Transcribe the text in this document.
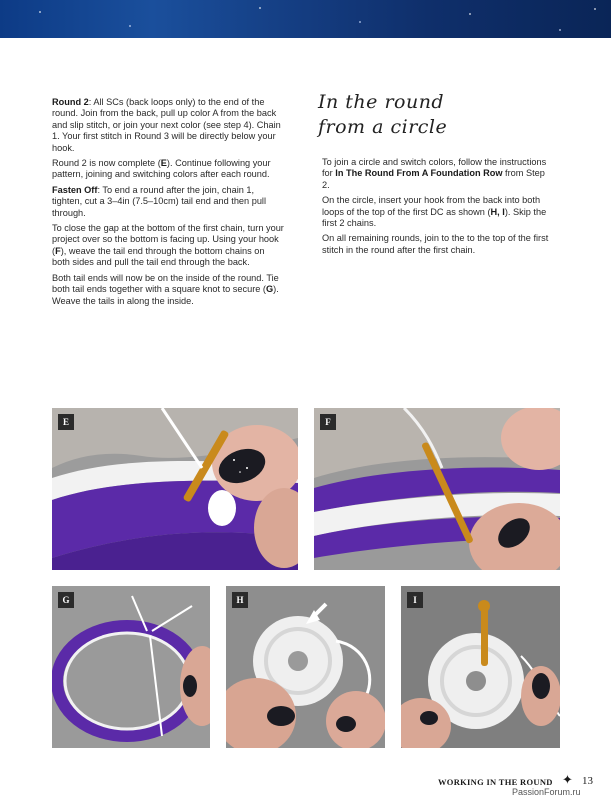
Round 2: All SCs (back loops only) to the end of the round. Join from the back, pull up color A from the back and slip stitch, or join your next color (see step 4). Chain 1. Your first stitch in Round 3 will be directly below your hook.

Round 2 is now complete (E). Continue following your pattern, joining and switching colors after each round.

Fasten Off: To end a round after the join, chain 1, tighten, cut a 3–4in (7.5–10cm) tail end and then pull through.

To close the gap at the bottom of the first chain, turn your project over so the bottom is facing up. Using your hook (F), weave the tail end through the bottom chains on both sides and pull the tail end through the back.

Both tail ends will now be on the inside of the round. Tie both tail ends together with a square knot to secure (G). Weave the tails in along the inside.

In the round
from a circle

To join a circle and switch colors, follow the instructions for In The Round From A Foundation Row from Step 2.

On the circle, insert your hook from the back into both loops of the top of the first DC as shown (H, I). Skip the first 2 chains.

On all remaining rounds, join to the to the top of the first stitch in the round after the first chain.

E	F
G	H	I
WORKING IN THE ROUND ✦ 13
PassionForum.ru
